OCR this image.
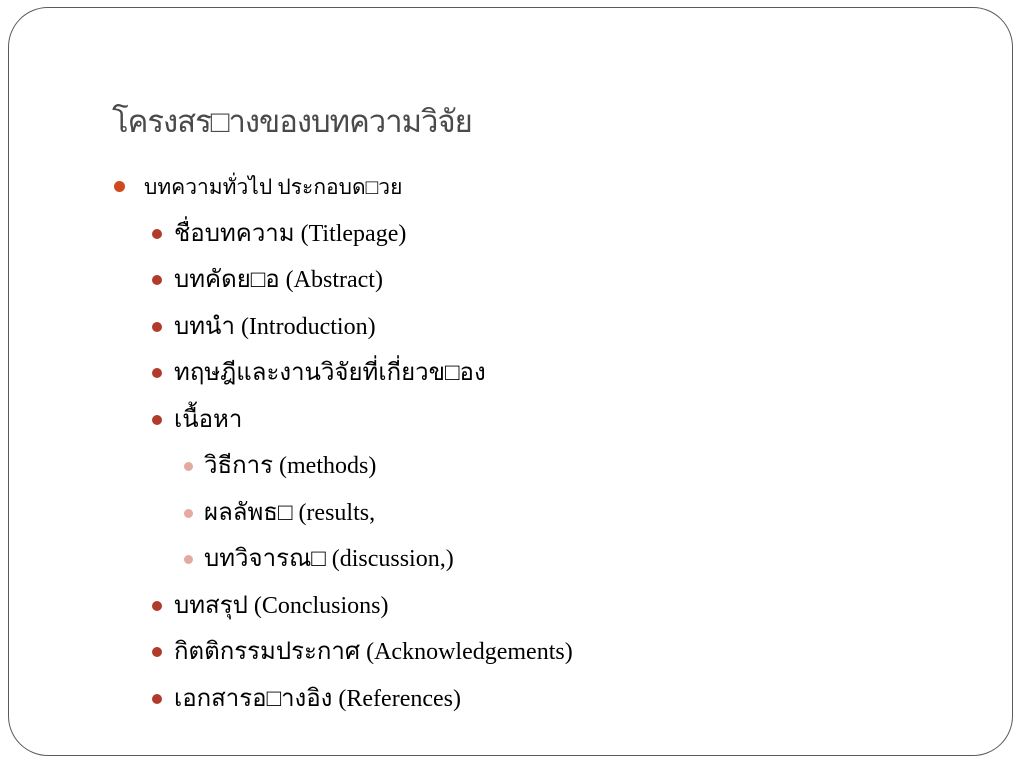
โครงสร□างของบทความวิจัย
บทความทั่วไป ประกอบด□วย
ชื่อบทความ (Titlepage)
บทคัดย□อ (Abstract)
บทนำ (Introduction)
ทฤษฎีและงานวิจัยที่เกี่ยวข□อง
เนื้อหา
วิธีการ (methods)
ผลลัพธ□ (results,
บทวิจารณ□ (discussion,)
บทสรุป (Conclusions)
กิตติกรรมประกาศ (Acknowledgements)
เอกสารอ□างอิง (References)
